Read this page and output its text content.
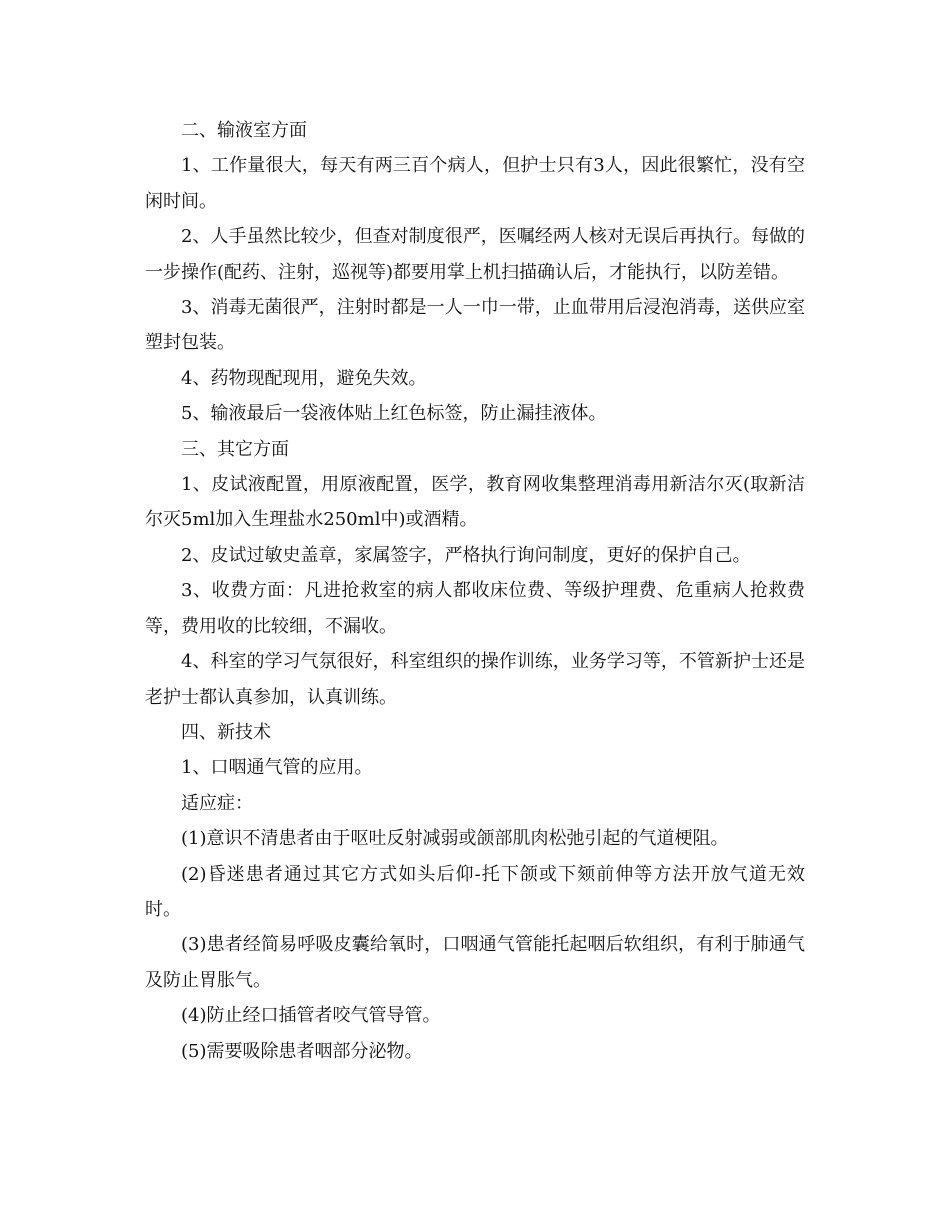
二、输液室方面

1、工作量很大，每天有两三百个病人，但护士只有3人，因此很繁忙，没有空闲时间。

2、人手虽然比较少，但查对制度很严，医嘱经两人核对无误后再执行。每做的一步操作(配药、注射，巡视等)都要用掌上机扫描确认后，才能执行，以防差错。

3、消毒无菌很严，注射时都是一人一巾一带，止血带用后浸泡消毒，送供应室塑封包装。

4、药物现配现用，避免失效。

5、输液最后一袋液体贴上红色标签，防止漏挂液体。

三、其它方面

1、皮试液配置，用原液配置，医学，教育网收集整理消毒用新洁尔灭(取新洁尔灭5ml加入生理盐水250ml中)或酒精。

2、皮试过敏史盖章，家属签字，严格执行询问制度，更好的保护自己。

3、收费方面：凡进抢救室的病人都收床位费、等级护理费、危重病人抢救费等，费用收的比较细，不漏收。

4、科室的学习气氛很好，科室组织的操作训练，业务学习等，不管新护士还是老护士都认真参加，认真训练。

四、新技术

1、口咽通气管的应用。

适应症：

(1)意识不清患者由于呕吐反射减弱或颌部肌肉松弛引起的气道梗阻。

(2)昏迷患者通过其它方式如头后仰-托下颌或下颏前伸等方法开放气道无效时。

(3)患者经简易呼吸皮囊给氧时，口咽通气管能托起咽后软组织，有利于肺通气及防止胃胀气。

(4)防止经口插管者咬气管导管。

(5)需要吸除患者咽部分泌物。
